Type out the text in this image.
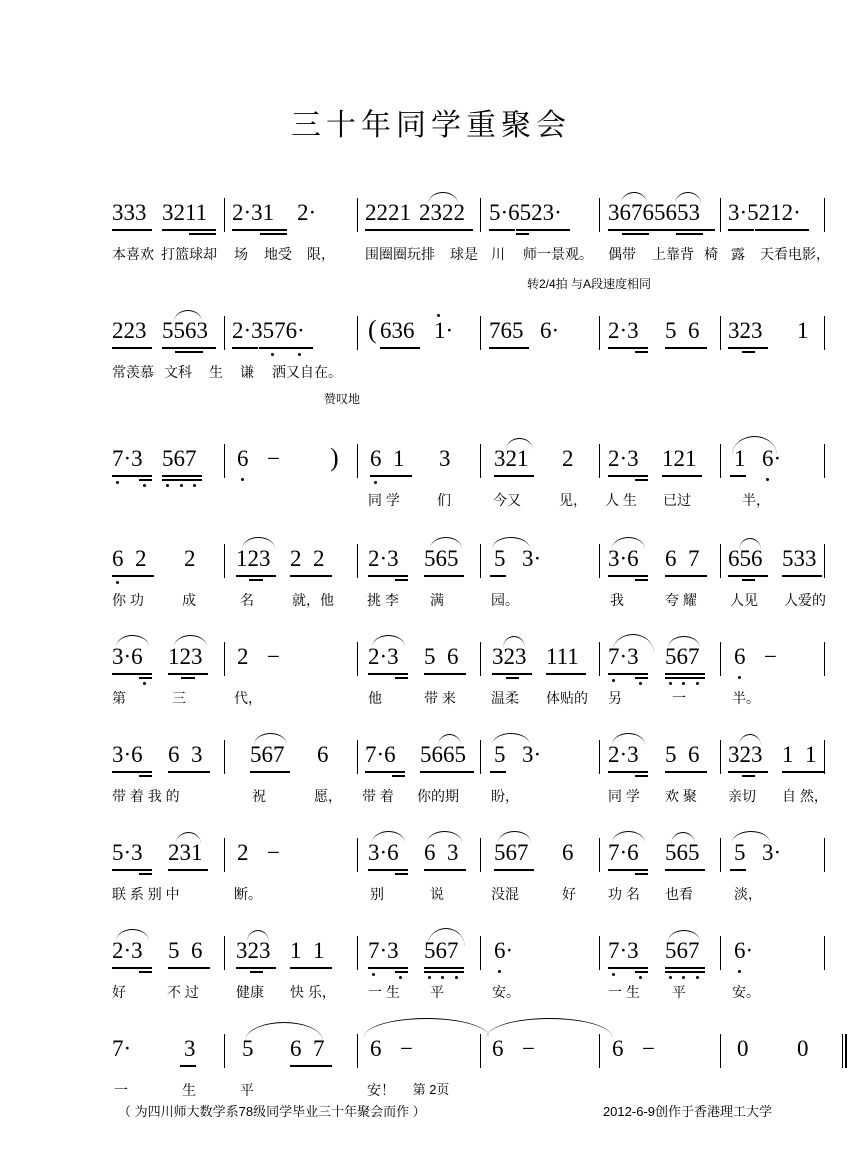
三十年同学重聚会
333 3211 2·31 2· 2221 2322 5·6523· 36765653 3·5212·
本喜欢 打篮球却 场 地受 限， 围圈圈玩排 球是 川 师一景观。 偶带 上靠背 椅 露 天看电影，
转2/4拍 与A段速度相同
223 5563 2·3576· ( 636 1· 765 6· 2·3 5  6 323 1
常羡慕 文科 生 谦 洒又自在。
赞叹地
7·3 567 6 − ) 6  1 3 321 2 2·3 121 1 6·
同 学	们	今又	见， 人 生 已过	半，
6  2 2 123 2  2 2·3 565 5 3·	3·6 6  7 656 533
你 功	成	名	就，他 挑 李 满	园。	我	夸 耀 人见 人爱的
3·6 123 2 −	2·3 5  6 323 111 7·3 567 6 −
第	三	代，	他	带 来	温柔 体贴的 另	一	半。
3·6 6  3 567 6 7·6 5665 5 3·	2·3 5  6 323 1  1
带 着 我 的	祝	愿， 带 着 你的期 盼，	同 学 欢 聚 亲切 自 然，
5·3 231 2 −	3·6 6  3 567 6 7·6 565 5 3·
联 系 别 中	断。	别	说	没混	好 功 名 也看	淡，
2·3 5  6 323 1  1 7·3 567 6·	7·3 567 6·
好	不 过	健康 快 乐， 一 生 平	安。	一 生 平	安。
7· 3 5 6  7 6 −	6 −	6 −	0 0
一	生	平	安！	第 2页
（ 为四川师大数学系78级同学毕业三十年聚会而作 ）	2012-6-9创作于香港理工大学
